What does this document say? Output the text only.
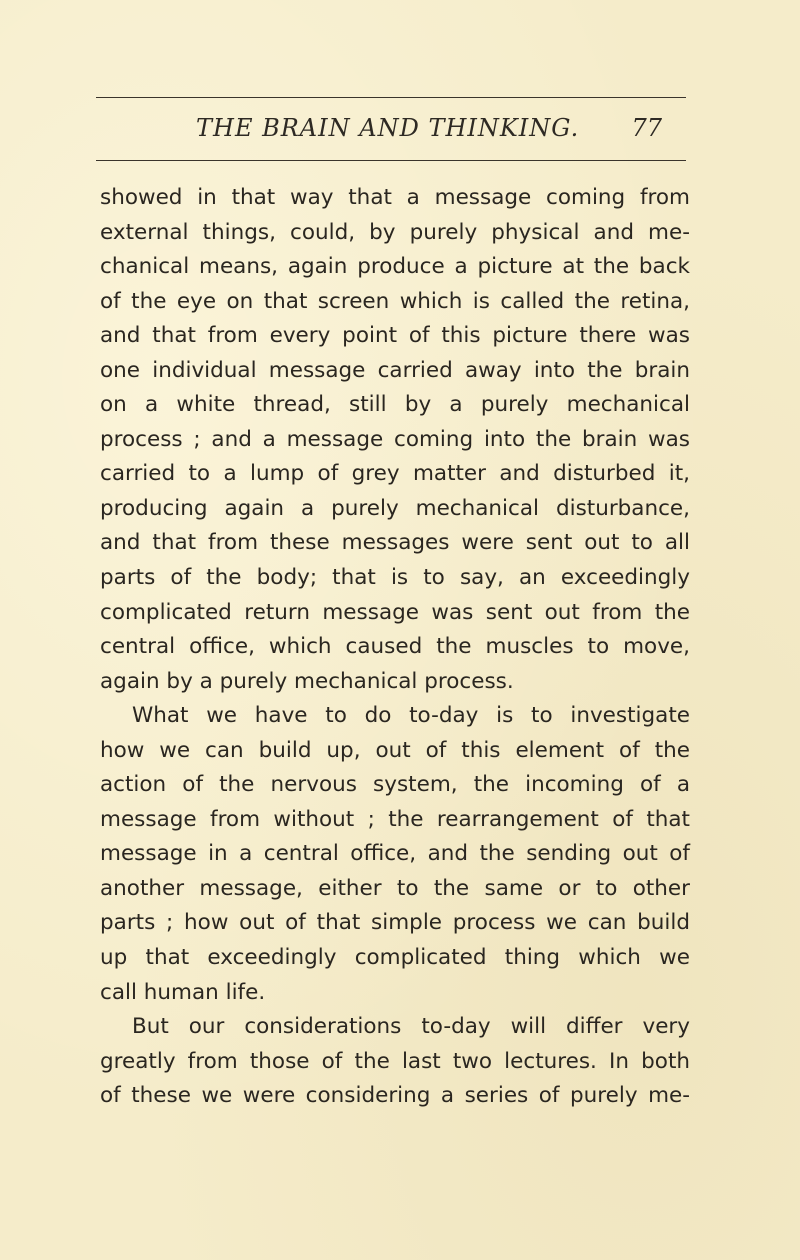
THE BRAIN AND THINKING. 77
showed in that way that a message coming from
external things, could, by purely physical and me-
chanical means, again produce a picture at the back
of the eye on that screen which is called the retina,
and that from every point of this picture there was
one individual message carried away into the brain
on a white thread, still by a purely mechanical
process ; and a message coming into the brain was
carried to a lump of grey matter and disturbed it,
producing again a purely mechanical disturbance,
and that from these messages were sent out to all
parts of the body; that is to say, an exceedingly
complicated return message was sent out from the
central office, which caused the muscles to move,
again by a purely mechanical process.
What we have to do to-day is to investigate
how we can build up, out of this element of the
action of the nervous system, the incoming of a
message from without ; the rearrangement of that
message in a central office, and the sending out of
another message, either to the same or to other
parts ; how out of that simple process we can build
up that exceedingly complicated thing which we
call human life.
But our considerations to-day will differ very
greatly from those of the last two lectures. In both
of these we were considering a series of purely me-
